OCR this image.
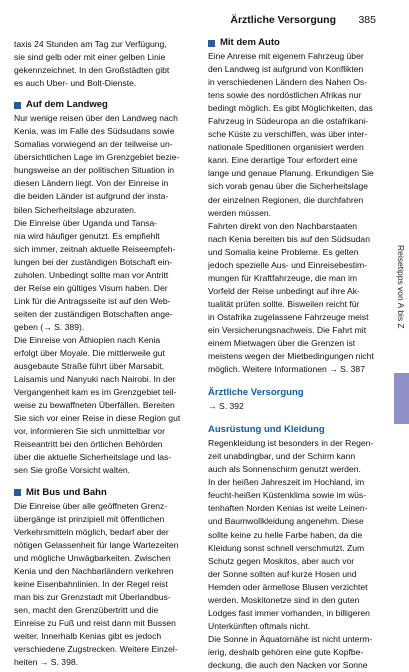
Ärztliche Versorgung 385
taxis 24 Stunden am Tag zur Verfügung,
sie sind gelb oder mit einer gelben Linie
gekennzeichnet. In den Großstädten gibt
es auch Uber- und Bolt-Dienste.
Auf dem Landweg
Nur wenige reisen über den Landweg nach
Kenia, was im Falle des Südsudans sowie
Somalias vorwiegend an der teilweise un-
übersichtlichen Lage im Grenzgebiet bezie-
hungsweise an der politischen Situation in
diesen Ländern liegt. Von der Einreise in
die beiden Länder ist aufgrund der insta-
bilen Sicherheitslage abzuraten.
Die Einreise über Uganda und Tansa-
nia wird häufiger genutzt. Es empfiehlt
sich immer, zeitnah aktuelle Reiseempfeh-
lungen bei der zuständigen Botschaft ein-
zuholen. Unbedingt sollte man vor Antritt
der Reise ein gültiges Visum haben. Der
Link für die Antragsseite ist auf den Web-
seiten der zuständigen Botschaften ange-
geben (→ S. 389).
Die Einreise von Äthiopien nach Kenia
erfolgt über Moyale. Die mittlerweile gut
ausgebaute Straße führt über Marsabit,
Laisamis und Nanyuki nach Nairobi. In der
Vergangenheit kam es im Grenzgebiet teil-
weise zu bewaffneten Überfällen. Bereiten
Sie sich vor einer Reise in diese Region gut
vor, informieren Sie sich unmittelbar vor
Reiseantritt bei den örtlichen Behörden
über die aktuelle Sicherheitslage und las-
sen Sie große Vorsicht walten.
Mit Bus und Bahn
Die Einreise über alle geöffneten Grenz-
übergänge ist prinzipiell mit öffentlichen
Verkehrsmitteln möglich, bedarf aber der
nötigen Gelassenheit für lange Wartezeiten
und mögliche Unwägbarkeiten. Zwischen
Kenia und den Nachbarländern verkehren
keine Eisenbahnlinien. In der Regel reist
man bis zur Grenzstadt mit Überlandbus-
sen, macht den Grenzübertritt und die
Einreise zu Fuß und reist dann mit Bussen
weiter. Innerhalb Kenias gibt es jedoch
verschiedene Zugstrecken. Weitere Einzel-
heiten → S. 398.
Mit dem Auto
Eine Anreise mit eigenem Fahrzeug über
den Landweg ist aufgrund von Konflikten
in verschiedenen Ländern des Nahen Os-
tens sowie des nordöstlichen Afrikas nur
bedingt möglich. Es gibt Möglichkeiten, das
Fahrzeug in Südeuropa an die ostafrikani-
sche Küste zu verschiffen, was über inter-
nationale Speditionen organisiert werden
kann. Eine derartige Tour erfordert eine
lange und genaue Planung. Erkundigen Sie
sich vorab genau über die Sicherheitslage
der einzelnen Regionen, die durchfahren
werden müssen.
Fahrten direkt von den Nachbarstaaten
nach Kenia bereiten bis auf den Südsudan
und Somalia keine Probleme. Es gelten
jedoch spezielle Aus- und Einreisebestim-
mungen für Kraftfahrzeuge, die man im
Vorfeld der Reise unbedingt auf ihre Ak-
tualität prüfen sollte. Bisweilen reicht für
in Ostafrika zugelassene Fahrzeuge meist
ein Versicherungsnachweis. Die Fahrt mit
einem Mietwagen über die Grenzen ist
meistens wegen der Mietbedingungen nicht
möglich. Weitere Informationen → S. 387
Ärztliche Versorgung
→ S. 392
Ausrüstung und Kleidung
Regenkleidung ist besonders in der Regen-
zeit unabdingbar, und der Schirm kann
auch als Sonnenschirm genutzt werden.
In der heißen Jahreszeit im Hochland, im
feucht-heißen Küstenklima sowie im wüs-
tenhaften Norden Kenias ist weite Leinen-
und Baumwollkleidung angenehm. Diese
sollte keine zu helle Farbe haben, da die
Kleidung sonst schnell verschmutzt. Zum
Schutz gegen Moskitos, aber auch vor
der Sonne sollten auf kurze Hosen und
Hemden oder ärmellose Blusen verzichtet
werden. Moskitonetze sind in den guten
Lodges fast immer vorhanden, in billigeren
Unterkünften oftmals nicht.
Die Sonne in Äquatornähe ist nicht unterm-
ierig, deshalb gehören eine gute Kopfbe-
deckung, die auch den Nacken vor Sonne
Reisetipps von A bis Z
